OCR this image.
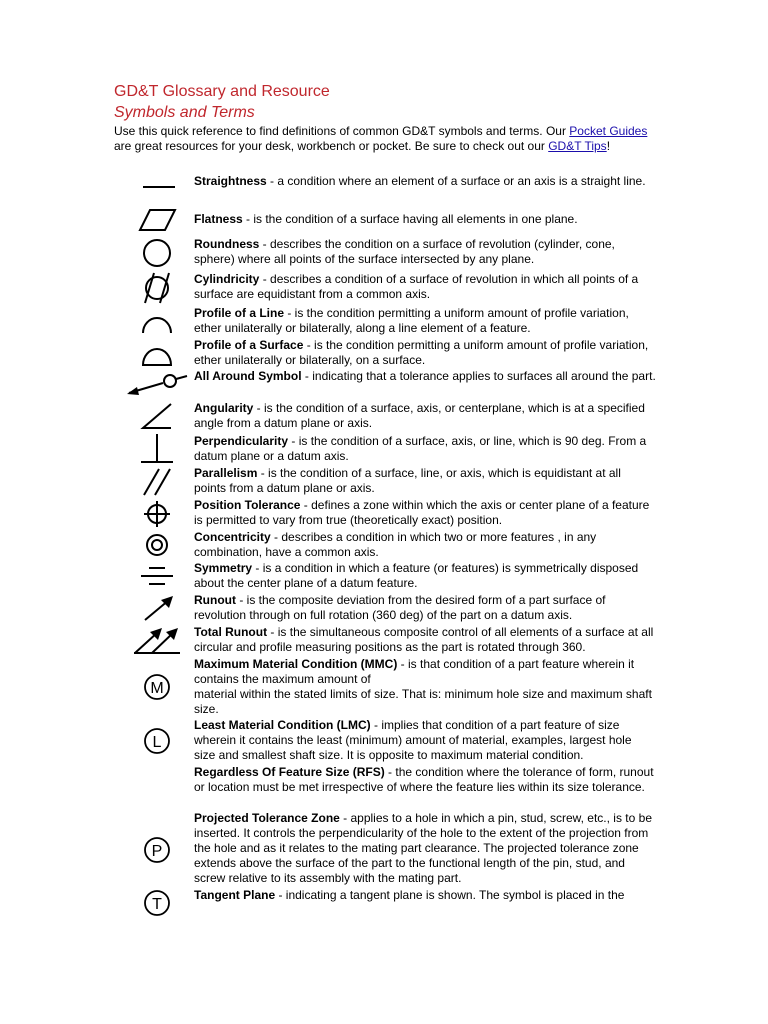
GD&T Glossary and Resource
Symbols and Terms
Use this quick reference to find definitions of common GD&T symbols and terms. Our Pocket Guides are great resources for your desk, workbench or pocket. Be sure to check out our GD&T Tips!
M
L
P
T
Straightness - a condition where an element of a surface or an axis is a straight line.
Flatness - is the condition of a surface having all elements in one plane.
Roundness - describes the condition on a surface of revolution (cylinder, cone, sphere) where all points of the surface intersected by any plane.
Cylindricity - describes a condition of a surface of revolution in which all points of a surface are equidistant from a common axis.
Profile of a Line - is the condition permitting a uniform amount of profile variation, ether unilaterally or bilaterally, along a line element of a feature.
Profile of a Surface - is the condition permitting a uniform amount of profile variation, ether unilaterally or bilaterally, on a surface.
All Around Symbol - indicating that a tolerance applies to surfaces all around the part.
Angularity - is the condition of a surface, axis, or centerplane, which is at a specified angle from a datum plane or axis.
Perpendicularity - is the condition of a surface, axis, or line, which is 90 deg. From a datum plane or a datum axis.
Parallelism - is the condition of a surface, line, or axis, which is equidistant at all points from a datum plane or axis.
Position Tolerance - defines a zone within which the axis or center plane of a feature is permitted to vary from true (theoretically exact) position.
Concentricity - describes a condition in which two or more features , in any combination, have a common axis.
Symmetry - is a condition in which a feature (or features) is symmetrically disposed about the center plane of a datum feature.
Runout - is the composite deviation from the desired form of a part surface of revolution through on full rotation (360 deg) of the part on a datum axis.
Total Runout - is the simultaneous composite control of all elements of a surface at all circular and profile measuring positions as the part is rotated through 360.
Maximum Material Condition (MMC) - is that condition of a part feature wherein it contains the maximum amount of
material within the stated limits of size. That is: minimum hole size and maximum shaft size.
Least Material Condition (LMC) - implies that condition of a part feature of size wherein it contains the least (minimum) amount of material, examples, largest hole size and smallest shaft size. It is opposite to maximum material condition.
Regardless Of Feature Size (RFS) - the condition where the tolerance of form, runout or location must be met irrespective of where the feature lies within its size tolerance.
Projected Tolerance Zone - applies to a hole in which a pin, stud, screw, etc., is to be inserted. It controls the perpendicularity of the hole to the extent of the projection from the hole and as it relates to the mating part clearance. The projected tolerance zone extends above the surface of the part to the functional length of the pin, stud, and screw relative to its assembly with the mating part.
Tangent Plane - indicating a tangent plane is shown. The symbol is placed in the
